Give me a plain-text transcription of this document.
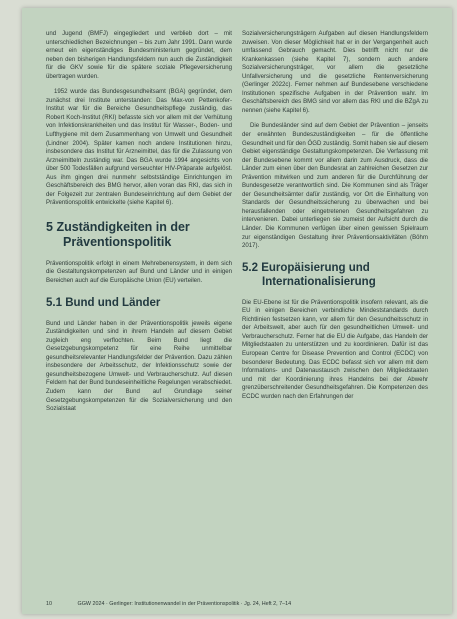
und Jugend (BMFJ) eingegliedert und verblieb dort – mit unterschiedlichen Bezeichnungen – bis zum Jahr 1991. Dann wurde erneut ein eigenständiges Bundesministerium gegründet, dem neben den bisherigen Handlungsfeldern nun auch die Zuständigkeit für die GKV sowie für die spätere soziale Pflegeversicherung übertragen wurden.

1952 wurde das Bundesgesundheitsamt (BGA) gegründet, dem zunächst drei Institute unterstanden: Das Max-von Pettenkofer-Institut war für die Bereiche Gesundheitspflege zuständig, das Robert Koch-Institut (RKI) befasste sich vor allem mit der Verhütung von Infektionskrankheiten und das Institut für Wasser-, Boden- und Lufthygiene mit dem Zusammenhang von Umwelt und Gesundheit (Lindner 2004). Später kamen noch andere Institutionen hinzu, insbesondere das Institut für Arzneimittel, das für die Zulassung von Arzneimitteln zuständig war. Das BGA wurde 1994 angesichts von über 500 Todesfällen aufgrund verseuchter HIV-Präparate aufgelöst. Aus ihm gingen drei nunmehr selbstständige Einrichtungen im Geschäftsbereich des BMG hervor, allen voran das RKI, das sich in der Folgezeit zur zentralen Bundeseinrichtung auf dem Gebiet der Präventionspolitik entwickelte (siehe Kapitel 6).

5 Zuständigkeiten in der
Präventionspolitik

Präventionspolitik erfolgt in einem Mehrebenensystem, in dem sich die Gestaltungskompetenzen auf Bund und Länder und in einigen Bereichen auch auf die Europäische Union (EU) verteilen.

5.1 Bund und Länder

Bund und Länder haben in der Präventionspolitik jeweils eigene Zuständigkeiten und sind in ihrem Handeln auf diesem Gebiet zugleich eng verflochten. Beim Bund liegt die Gesetzgebungskompetenz für eine Reihe unmittelbar gesundheitsrelevanter Handlungsfelder der Prävention. Dazu zählen insbesondere der Arbeitsschutz, der Infektionsschutz sowie der gesundheitsbezogene Umwelt- und Verbraucherschutz. Auf diesen Feldern hat der Bund bundeseinheitliche Regelungen verabschiedet. Zudem kann der Bund auf Grundlage seiner Gesetzgebungskompetenzen für die Sozialversicherung und den Sozialstaat

Sozialversicherungsträgern Aufgaben auf diesen Handlungsfeldern zuweisen. Von dieser Möglichkeit hat er in der Vergangenheit auch umfassend Gebrauch gemacht. Dies betrifft nicht nur die Krankenkassen (siehe Kapitel 7), sondern auch andere Sozialversicherungsträger, vor allem die gesetzliche Unfallversicherung und die gesetzliche Rentenversicherung (Gerlinger 2022c). Ferner nehmen auf Bundesebene verschiedene Institutionen spezifische Aufgaben in der Prävention wahr. Im Geschäftsbereich des BMG sind vor allem das RKI und die BZgA zu nennen (siehe Kapitel 6).

Die Bundesländer sind auf dem Gebiet der Prävention – jenseits der erwähnten Bundeszuständigkeiten – für die öffentliche Gesundheit und für den ÖGD zuständig. Somit haben sie auf diesem Gebiet eigenständige Gestaltungskompetenzen. Die Verfassung mit der Bundesebene kommt vor allem darin zum Ausdruck, dass die Länder zum einen über den Bundesrat an zahlreichen Gesetzen zur Prävention mitwirken und zum anderen für die Durchführung der Bundesgesetze verantwortlich sind. Die Kommunen sind als Träger der Gesundheitsämter dafür zuständig, vor Ort die Einhaltung von Standards der Gesundheitssicherung zu überwachen und bei herausfallenden oder eingetretenen Gesundheitsgefahren zu intervenieren. Dabei unterliegen sie zumeist der Aufsicht durch die Länder. Die Kommunen verfügen über einen gewissen Spielraum zur eigenständigen Gestaltung ihrer Präventionsaktivitäten (Böhm 2017).

5.2 Europäisierung und
Internationalisierung

Die EU-Ebene ist für die Präventionspolitik insofern relevant, als die EU in einigen Bereichen verbindliche Mindeststandards durch Richtlinien festsetzen kann, vor allem für den Gesundheitsschutz in der Arbeitswelt, aber auch für den gesundheitlichen Umwelt- und Verbraucherschutz. Ferner hat die EU die Aufgabe, das Handeln der Mitgliedstaaten zu unterstützen und zu koordinieren. Dafür ist das European Centre for Disease Prevention and Control (ECDC) von besonderer Bedeutung. Das ECDC befasst sich vor allem mit dem Informations- und Datenaustausch zwischen den Mitgliedstaaten und mit der Koordinierung ihres Handelns bei der Abwehr grenzüberschreitender Gesundheitsgefahren. Die Kompetenzen des ECDC wurden nach den Erfahrungen der

10	GGW 2024 · Gerlinger: Institutionenwandel in der Präventionspolitik · Jg. 24, Heft 2, 7–14
